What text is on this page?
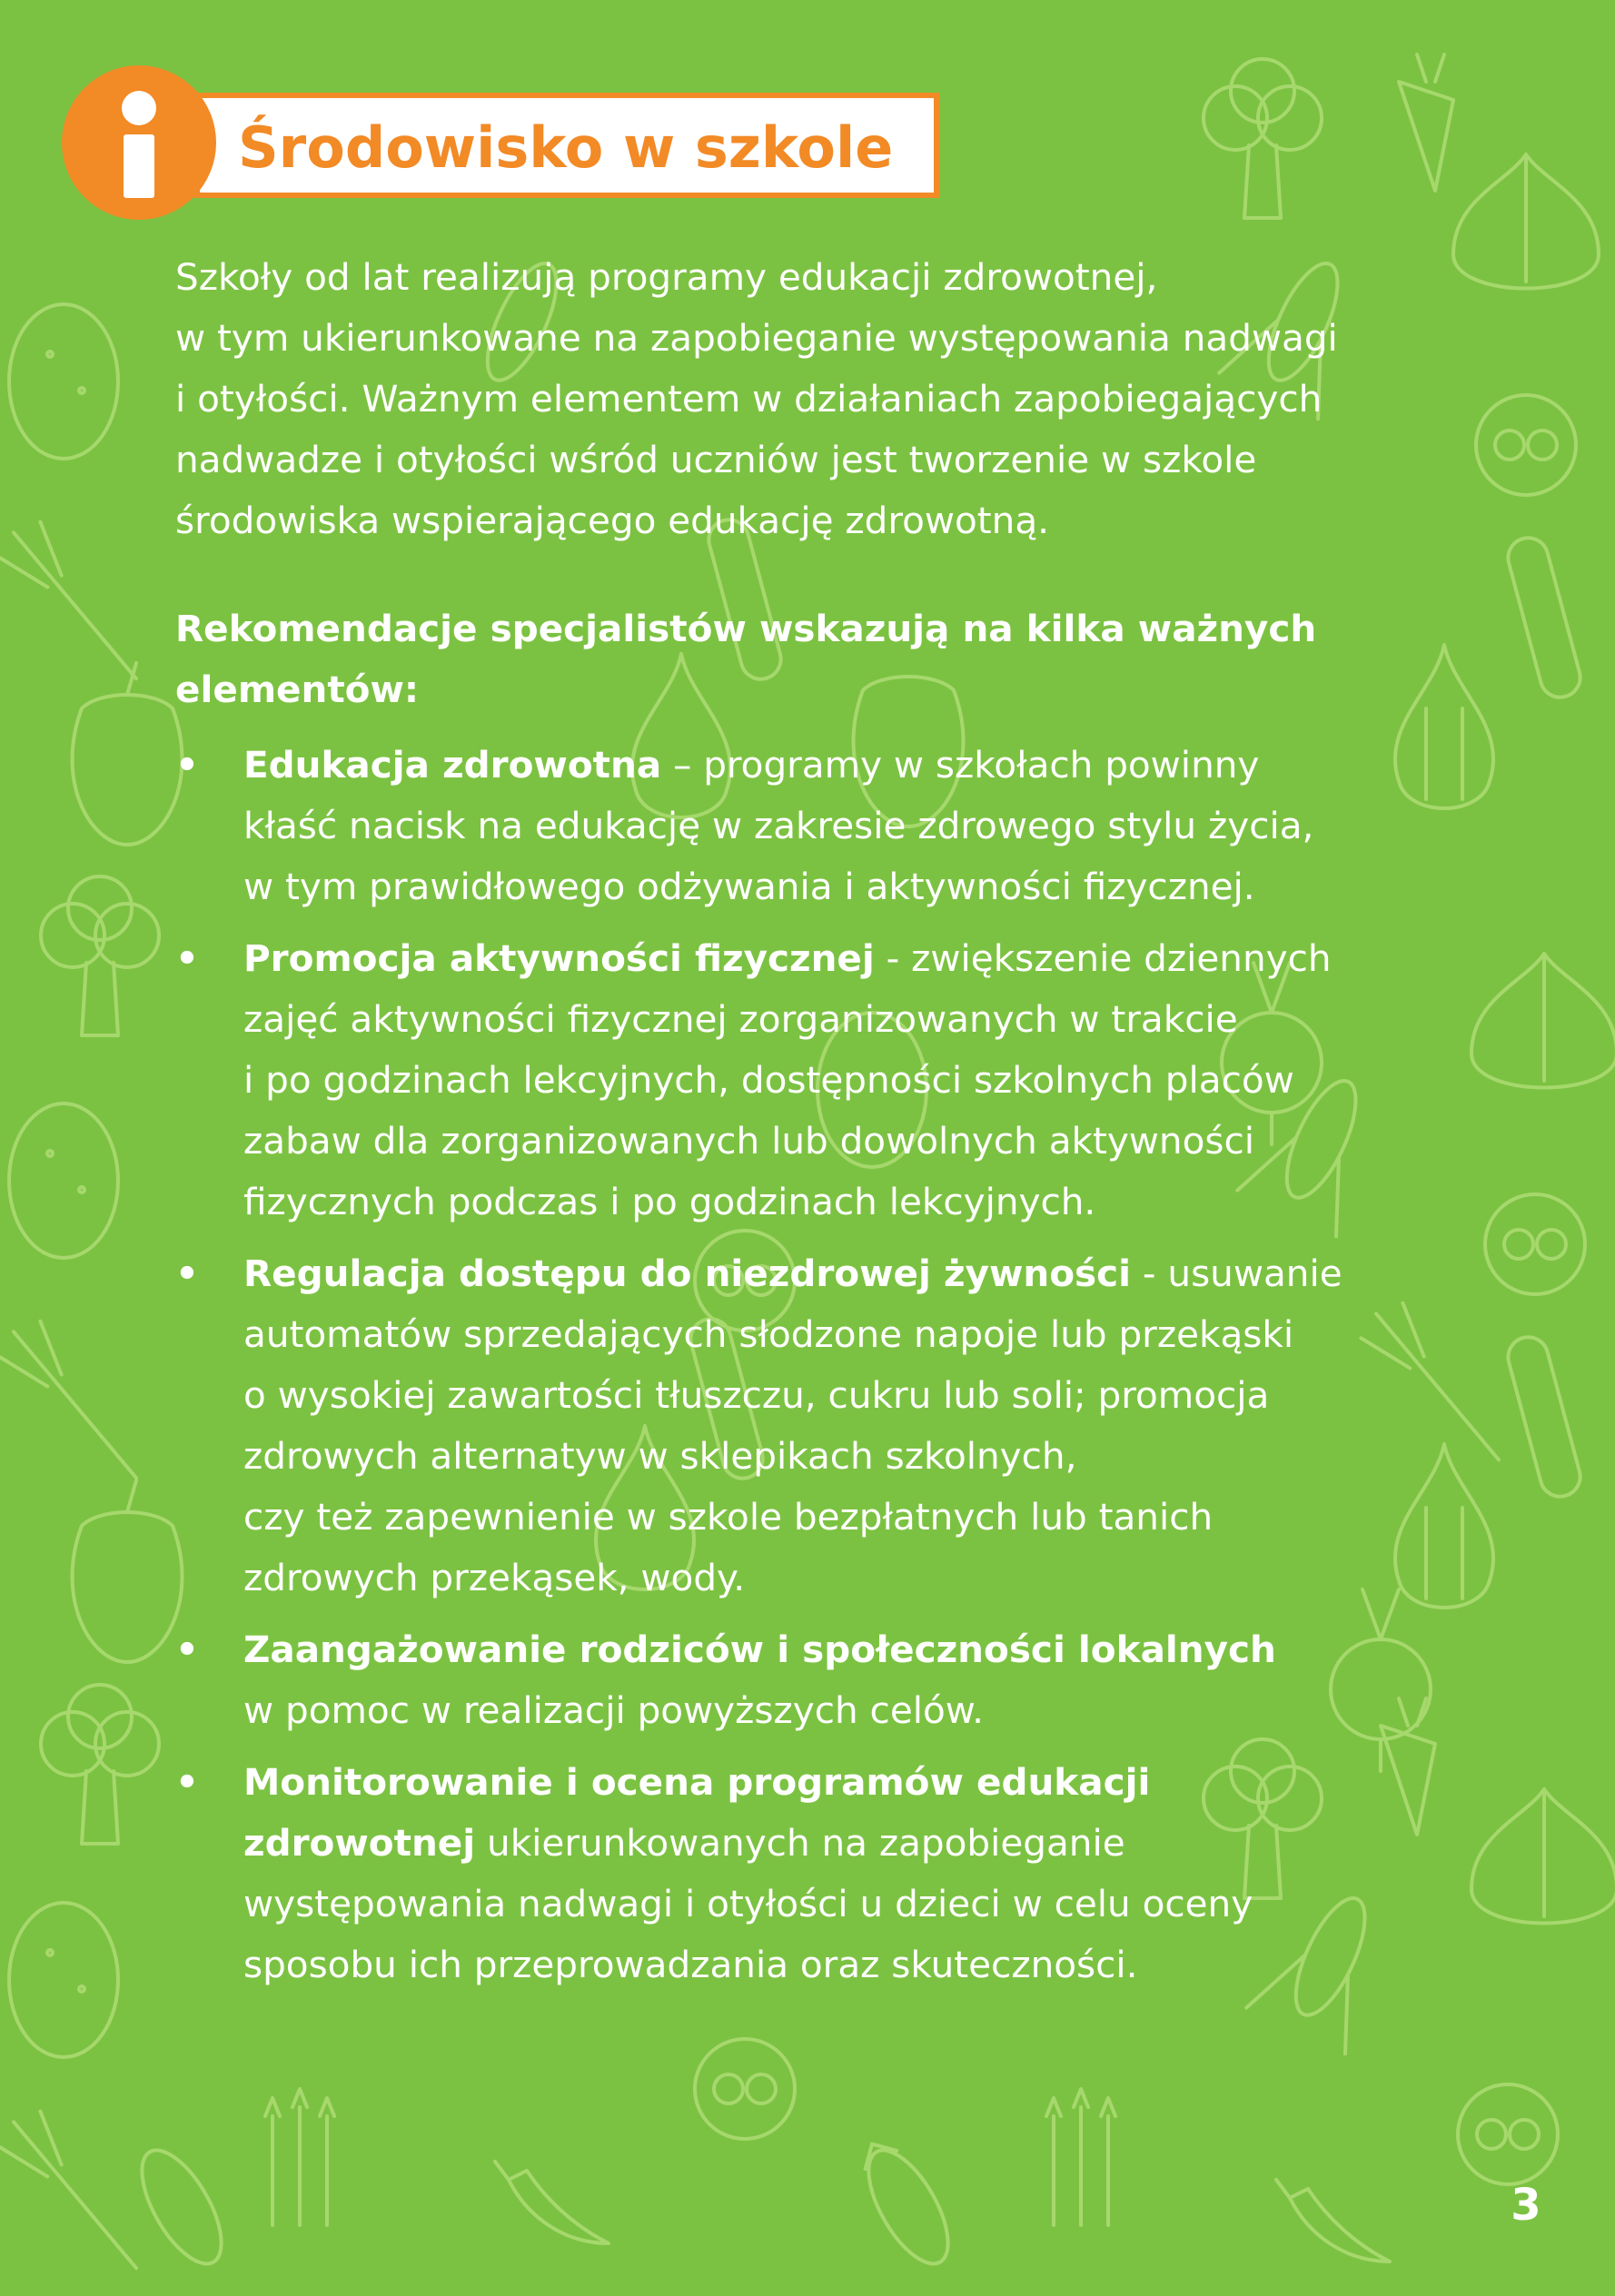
Środowisko w szkole
Szkoły od lat realizują programy edukacji zdrowotnej,
w tym ukierunkowane na zapobieganie występowania nadwagi
i otyłości. Ważnym elementem w działaniach zapobiegających
nadwadze i otyłości wśród uczniów jest tworzenie w szkole
środowiska wspierającego edukację zdrowotną.
Rekomendacje specjalistów wskazują na kilka ważnych
elementów:
• Edukacja zdrowotna – programy w szkołach powinny
kłaść nacisk na edukację w zakresie zdrowego stylu życia,
w tym prawidłowego odżywania i aktywności fizycznej.
• Promocja aktywności fizycznej - zwiększenie dziennych
zajęć aktywności fizycznej zorganizowanych w trakcie
i po godzinach lekcyjnych, dostępności szkolnych placów
zabaw dla zorganizowanych lub dowolnych aktywności
fizycznych podczas i po godzinach lekcyjnych.
• Regulacja dostępu do niezdrowej żywności - usuwanie
automatów sprzedających słodzone napoje lub przekąski
o wysokiej zawartości tłuszczu, cukru lub soli; promocja
zdrowych alternatyw w sklepikach szkolnych,
czy też zapewnienie w szkole bezpłatnych lub tanich
zdrowych przekąsek, wody.
• Zaangażowanie rodziców i społeczności lokalnych
w pomoc w realizacji powyższych celów.
• Monitorowanie i ocena programów edukacji
zdrowotnej ukierunkowanych na zapobieganie
występowania nadwagi i otyłości u dzieci w celu oceny
sposobu ich przeprowadzania oraz skuteczności.
3
